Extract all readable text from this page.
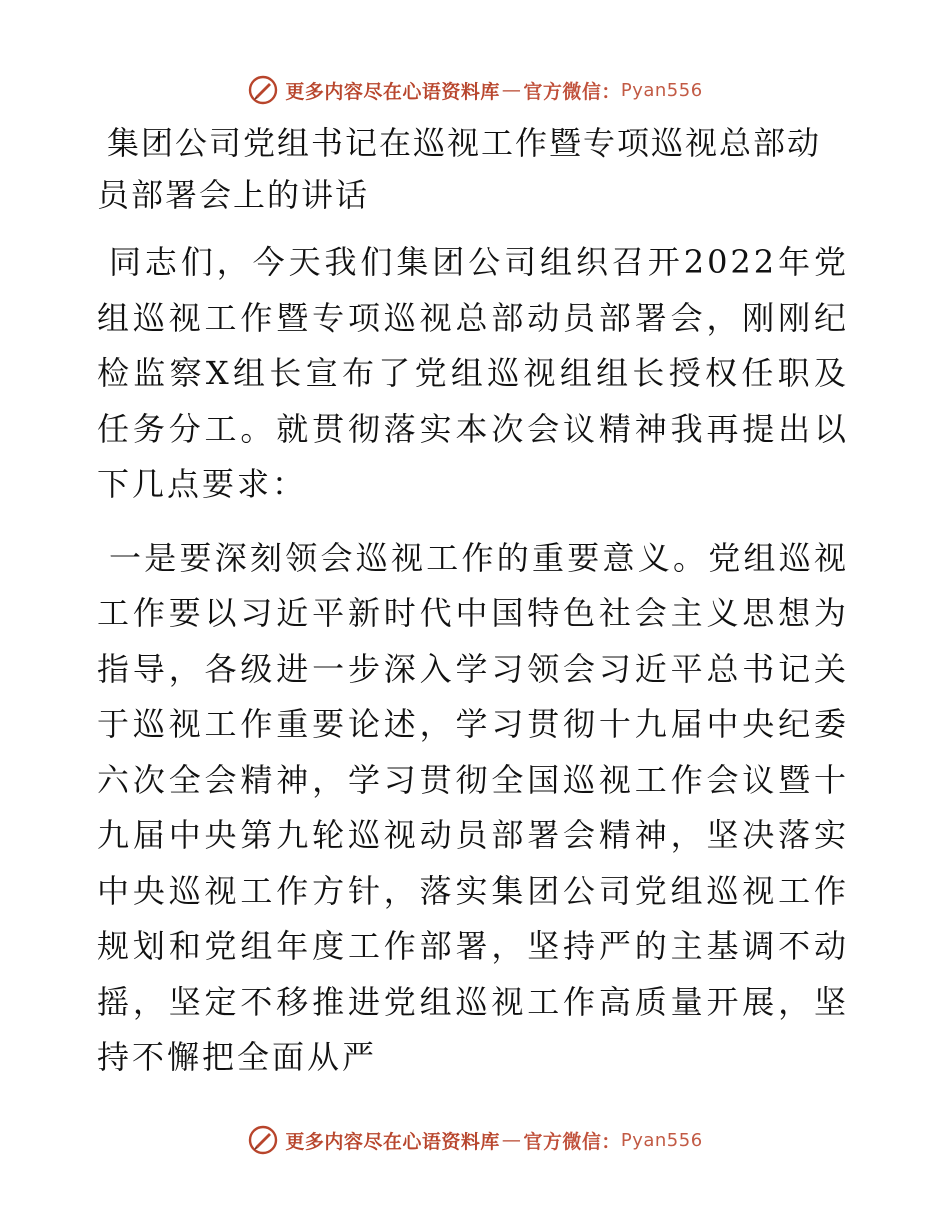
更多内容尽在心语资料库 — 官方微信： Pyan556
集团公司党组书记在巡视工作暨专项巡视总部动员部署会上的讲话

同志们，今天我们集团公司组织召开2022年党组巡视工作暨专项巡视总部动员部署会，刚刚纪检监察X组长宣布了党组巡视组组长授权任职及任务分工。就贯彻落实本次会议精神我再提出以下几点要求：

一是要深刻领会巡视工作的重要意义。党组巡视工作要以习近平新时代中国特色社会主义思想为指导，各级进一步深入学习领会习近平总书记关于巡视工作重要论述，学习贯彻十九届中央纪委六次全会精神，学习贯彻全国巡视工作会议暨十九届中央第九轮巡视动员部署会精神，坚决落实中央巡视工作方针，落实集团公司党组巡视工作规划和党组年度工作部署，坚持严的主基调不动摇，坚定不移推进党组巡视工作高质量开展，坚持不懈把全面从严

更多内容尽在心语资料库 — 官方微信： Pyan556
